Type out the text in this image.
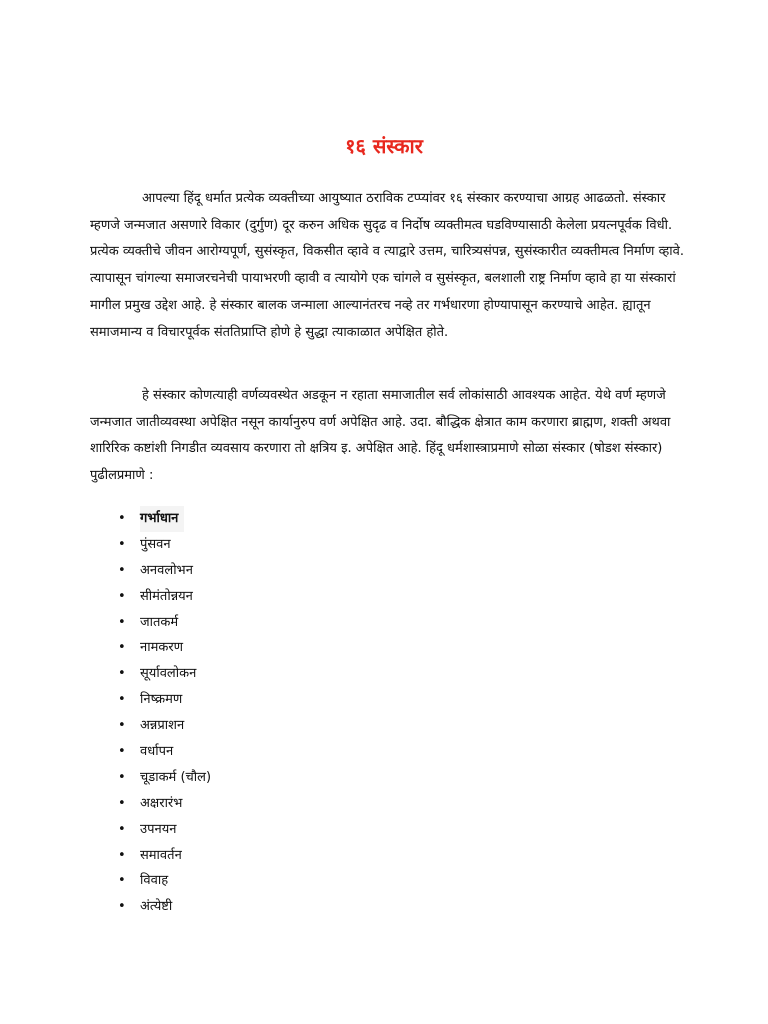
१६ संस्कार

आपल्या हिंदू धर्मात प्रत्येक व्यक्तीच्या आयुष्यात ठराविक टप्प्यांवर १६ संस्कार करण्याचा आग्रह आढळतो. संस्कार म्हणजे जन्मजात असणारे विकार (दुर्गुण) दूर करुन अधिक सुदृढ व निर्दोष व्यक्तीमत्व घडविण्यासाठी केलेला प्रयत्नपूर्वक विधी. प्रत्येक व्यक्तीचे जीवन आरोग्यपूर्ण, सुसंस्कृत, विकसीत व्हावे व त्याद्वारे उत्तम, चारित्र्यसंपन्न, सुसंस्कारीत व्यक्तीमत्व निर्माण व्हावे. त्यापासून चांगल्या समाजरचनेची पायाभरणी व्हावी व त्यायोगे एक चांगले व सुसंस्कृत, बलशाली राष्ट्र निर्माण व्हावे हा या संस्कारां मागील प्रमुख उद्देश आहे. हे संस्कार बालक जन्माला आल्यानंतरच नव्हे तर गर्भधारणा होण्यापासून करण्याचे आहेत. ह्यातून समाजमान्य व विचारपूर्वक संततिप्राप्ति होणे हे सुद्धा त्याकाळात अपेक्षित होते.

हे संस्कार कोणत्याही वर्णव्यवस्थेत अडकून न रहाता समाजातील सर्व लोकांसाठी आवश्यक आहेत. येथे वर्ण म्हणजे जन्मजात जातीव्यवस्था अपेक्षित नसून कार्यानुरुप वर्ण अपेक्षित आहे. उदा. बौद्धिक क्षेत्रात काम करणारा ब्राह्मण, शक्ती अथवा शारिरिक कष्टांशी निगडीत व्यवसाय करणारा तो क्षत्रिय इ. अपेक्षित आहे. हिंदू धर्मशास्त्राप्रमाणे सोळा संस्कार (षोडश संस्कार) पुढीलप्रमाणे :

•	गर्भाधान
•	पुंसवन
•	अनवलोभन
•	सीमंतोन्नयन
•	जातकर्म
•	नामकरण
•	सूर्यावलोकन
•	निष्क्रमण
•	अन्नप्राशन
•	वर्धापन
•	चूडाकर्म (चौल)
•	अक्षरारंभ
•	उपनयन
•	समावर्तन
•	विवाह
•	अंत्येष्टी
